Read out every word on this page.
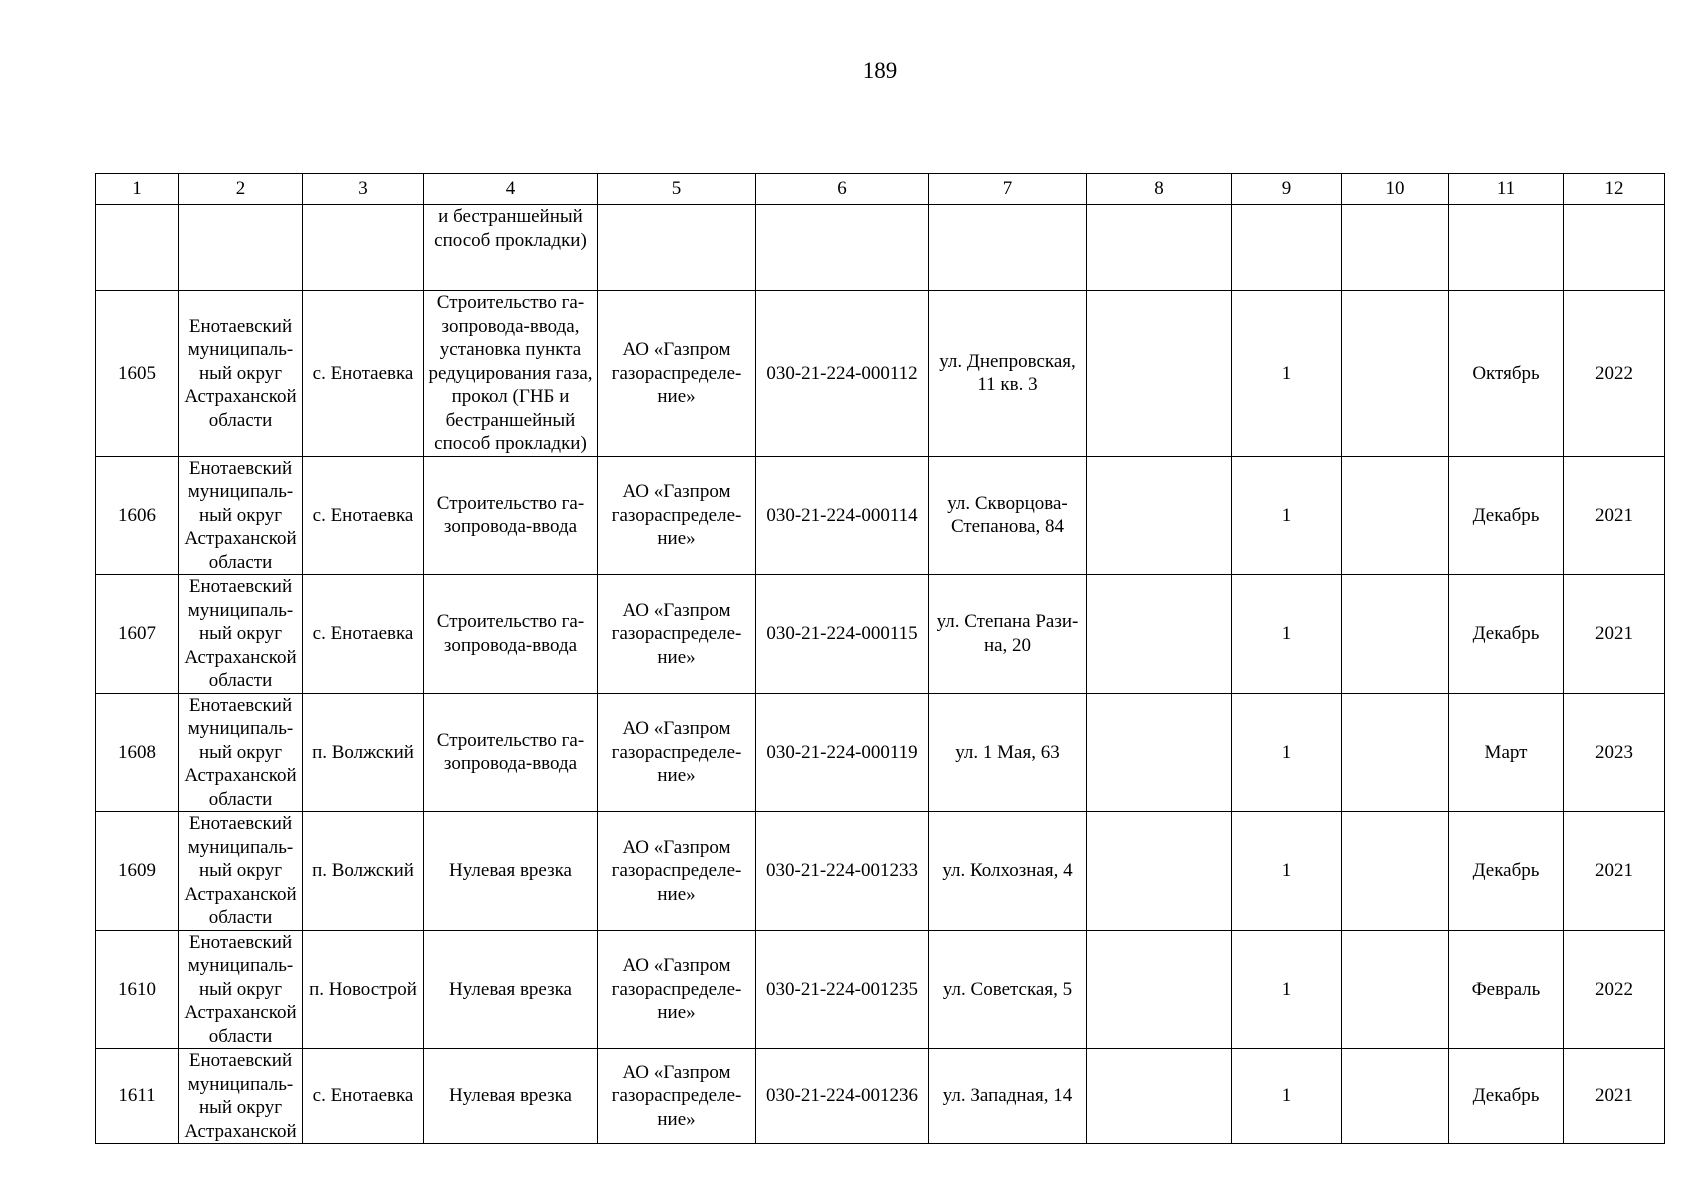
189
1	2	3	4	5	6	7	8	9	10	11	12
			и бестраншейный способ прокладки)								
1605	Енотаевский муниципаль-ный округ Астраханской области	с. Енотаевка	Строительство га-зопровода-ввода, установка пункта редуцирования газа, прокол (ГНБ и бестраншейный способ прокладки)	АО «Газпром газораспределе-ние»	030-21-224-000112	ул. Днепровская, 11 кв. 3		1		Октябрь	2022
1606	Енотаевский муниципаль-ный округ Астраханской области	с. Енотаевка	Строительство га-зопровода-ввода	АО «Газпром газораспределе-ние»	030-21-224-000114	ул. Скворцова-Степанова, 84		1		Декабрь	2021
1607	Енотаевский муниципаль-ный округ Астраханской области	с. Енотаевка	Строительство га-зопровода-ввода	АО «Газпром газораспределе-ние»	030-21-224-000115	ул. Степана Рази-на, 20		1		Декабрь	2021
1608	Енотаевский муниципаль-ный округ Астраханской области	п. Волжский	Строительство га-зопровода-ввода	АО «Газпром газораспределе-ние»	030-21-224-000119	ул. 1 Мая, 63		1		Март	2023
1609	Енотаевский муниципаль-ный округ Астраханской области	п. Волжский	Нулевая врезка	АО «Газпром газораспределе-ние»	030-21-224-001233	ул. Колхозная, 4		1		Декабрь	2021
1610	Енотаевский муниципаль-ный округ Астраханской области	п. Новострой	Нулевая врезка	АО «Газпром газораспределе-ние»	030-21-224-001235	ул. Советская, 5		1		Февраль	2022
1611	Енотаевский муниципаль-ный округ Астраханской	с. Енотаевка	Нулевая врезка	АО «Газпром газораспределе-ние»	030-21-224-001236	ул. Западная, 14		1		Декабрь	2021
